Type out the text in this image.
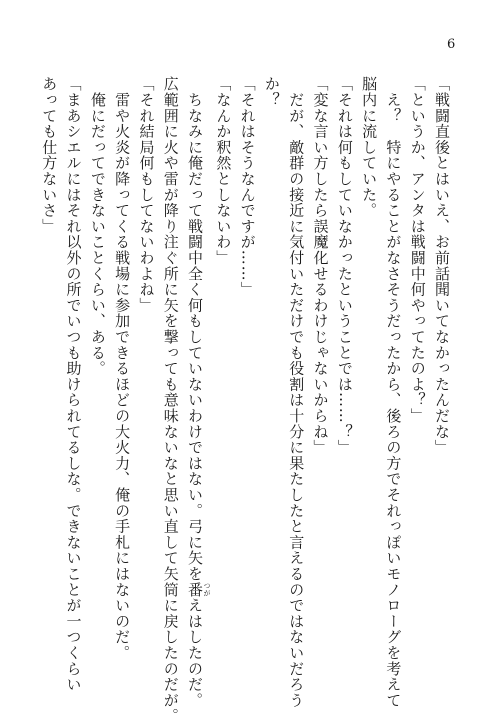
6
「戦闘直後とはいえ、お前話聞いてなかったんだな」
「というか、アンタは戦闘中何やってたのよ？」
　え？　特にやることがなさそうだったから、後ろの方でそれっぽいモノローグを考えて
脳内に流していた。
「それは何もしていなかったということでは……？」
「変な言い方したら誤魔化せるわけじゃないからね」
　だが、敵群の接近に気付いただけでも役割は十分に果たしたと言えるのではないだろう
か？
「それはそうなんですが……」
「なんか釈然としないわ」
　ちなみに俺だって戦闘中全く何もしていないわけではない。弓に矢を番 つがえはしたのだ。
広範囲に火や雷が降り注ぐ所に矢を撃っても意味ないなと思い直して矢筒に戻したのだが。
「それ結局何もしてないわよね」
　雷や火炎が降ってくる戦場に参加できるほどの大火力、俺の手札にはないのだ。
　俺にだってできないことくらい、ある。
「まあシエルにはそれ以外の所でいつも助けられてるしな。できないことが一つくらい
あっても仕方ないさ」
